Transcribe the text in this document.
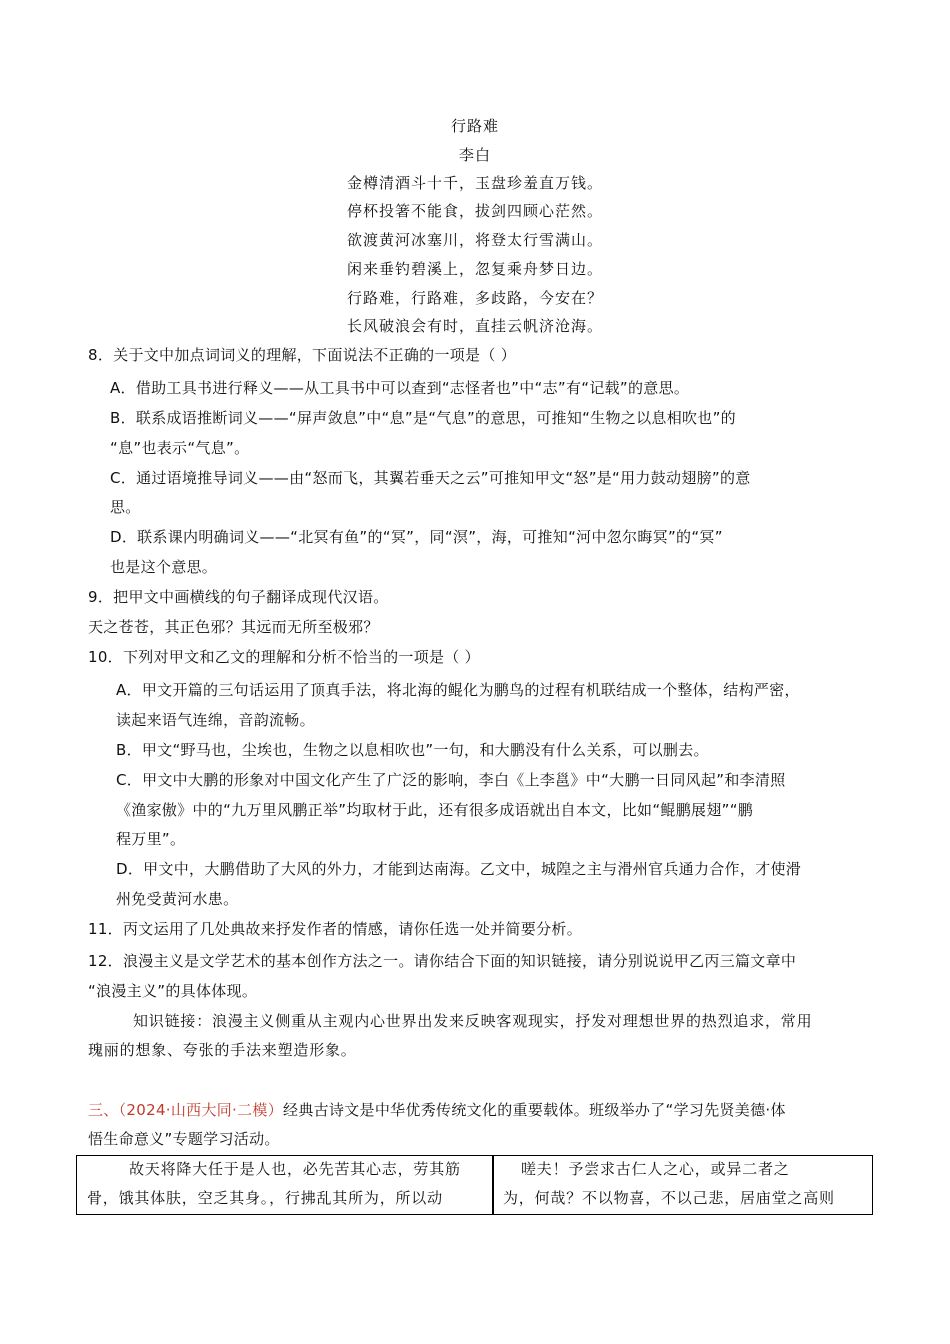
行路难
李白
金樽清酒斗十千，玉盘珍羞直万钱。
停杯投箸不能食，拔剑四顾心茫然。
欲渡黄河冰塞川，将登太行雪满山。
闲来垂钓碧溪上，忽复乘舟梦日边。
行路难，行路难，多歧路，今安在？
长风破浪会有时，直挂云帆济沧海。
8．关于文中加点词词义的理解，下面说法不正确的一项是（ ）
A．借助工具书进行释义——从工具书中可以查到“志怪者也”中“志”有“记载”的意思。
B．联系成语推断词义——“屏声敛息”中“息”是“气息”的意思，可推知“生物之以息相吹也”的
“息”也表示“气息”。
C．通过语境推导词义——由“怒而飞，其翼若垂天之云”可推知甲文“怒”是“用力鼓动翅膀”的意
思。
D．联系课内明确词义——“北冥有鱼”的“冥”，同“溟”，海，可推知“河中忽尔晦冥”的“冥”
也是这个意思。
9．把甲文中画横线的句子翻译成现代汉语。
天之苍苍，其正色邪？其远而无所至极邪？
10．下列对甲文和乙文的理解和分析不恰当的一项是（ ）
A．甲文开篇的三句话运用了顶真手法，将北海的鲲化为鹏鸟的过程有机联结成一个整体，结构严密，
读起来语气连绵，音韵流畅。
B．甲文“野马也，尘埃也，生物之以息相吹也”一句，和大鹏没有什么关系，可以删去。
C．甲文中大鹏的形象对中国文化产生了广泛的影响，李白《上李邕》中“大鹏一日同风起”和李清照
《渔家傲》中的“九万里风鹏正举”均取材于此，还有很多成语就出自本文，比如“鲲鹏展翅”“鹏
程万里”。
D．甲文中，大鹏借助了大风的外力，才能到达南海。乙文中，城隍之主与滑州官兵通力合作，才使滑
州免受黄河水患。
11．丙文运用了几处典故来抒发作者的情感，请你任选一处并简要分析。
12．浪漫主义是文学艺术的基本创作方法之一。请你结合下面的知识链接，请分别说说甲乙丙三篇文章中
“浪漫主义”的具体体现。
知识链接：浪漫主义侧重从主观内心世界出发来反映客观现实，抒发对理想世界的热烈追求，常用
瑰丽的想象、夸张的手法来塑造形象。
三、（2024·山西大同·二模）经典古诗文是中华优秀传统文化的重要载体。班级举办了“学习先贤美德·体
悟生命意义”专题学习活动。
故天将降大任于是人也，必先苦其心志，劳其筋
骨，饿其体肤，空乏其身。，行拂乱其所为，所以动
嗟夫！予尝求古仁人之心，或异二者之
为，何哉？不以物喜，不以己悲，居庙堂之高则
